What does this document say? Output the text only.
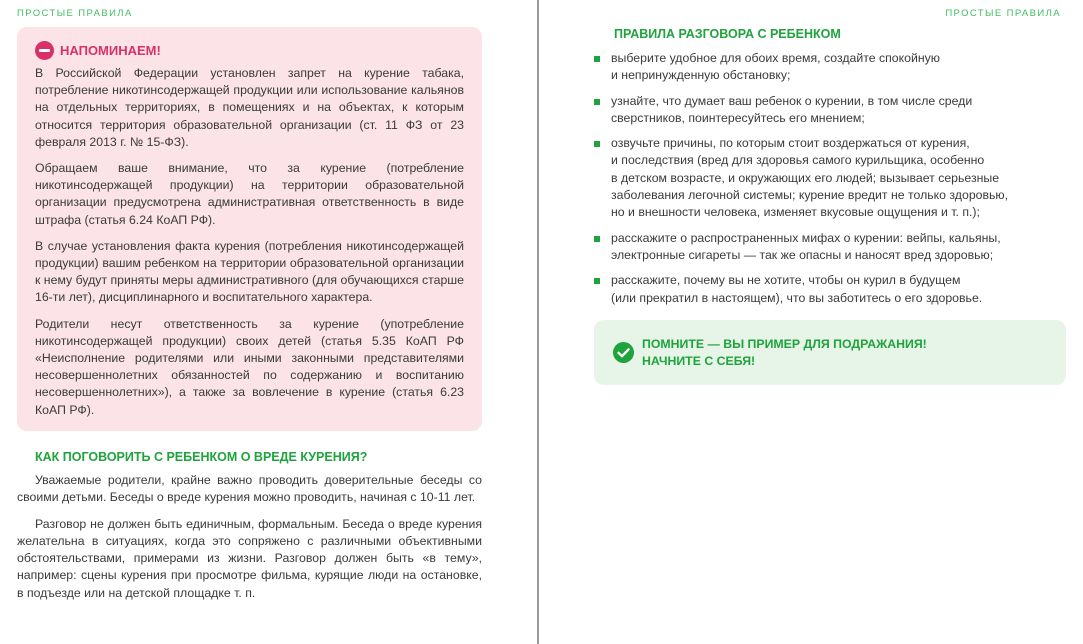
ПРОСТЫЕ ПРАВИЛА
НАПОМИНАЕМ!

В Российской Федерации установлен запрет на курение табака, потребление никотинсодержащей продукции или использование кальянов на отдельных территориях, в помещениях и на объектах, к которым относится территория образовательной организации (ст. 11 ФЗ от 23 февраля 2013 г. № 15-ФЗ).

Обращаем ваше внимание, что за курение (потребление никотинсодержащей продукции) на территории образовательной организации предусмотрена административная ответственность в виде штрафа (статья 6.24 КоАП РФ).

В случае установления факта курения (потребления никотинсодержащей продукции) вашим ребенком на территории образовательной организации к нему будут приняты меры административного (для обучающихся старше 16-ти лет), дисциплинарного и воспитательного характера.

Родители несут ответственность за курение (употребление никотинсодержащей продукции) своих детей (статья 5.35 КоАП РФ «Неисполнение родителями или иными законными представителями несовершеннолетних обязанностей по содержанию и воспитанию несовершеннолетних»), а также за вовлечение в курение (статья 6.23 КоАП РФ).

КАК ПОГОВОРИТЬ С РЕБЕНКОМ О ВРЕДЕ КУРЕНИЯ?

Уважаемые родители, крайне важно проводить доверительные беседы со своими детьми. Беседы о вреде курения можно проводить, начиная с 10-11 лет.

Разговор не должен быть единичным, формальным. Беседа о вреде курения желательна в ситуациях, когда это сопряжено с различными объективными обстоятельствами, примерами из жизни. Разговор должен быть «в тему», например: сцены курения при просмотре фильма, курящие люди на остановке, в подъезде или на детской площадке т. п.

ПРОСТЫЕ ПРАВИЛА
ПРАВИЛА РАЗГОВОРА С РЕБЕНКОМ
выберите удобное для обоих время, создайте спокойную
и непринужденную обстановку;
узнайте, что думает ваш ребенок о курении, в том числе среди
сверстников, поинтересуйтесь его мнением;
озвучьте причины, по которым стоит воздержаться от курения,
и последствия (вред для здоровья самого курильщика, особенно
в детском возрасте, и окружающих его людей; вызывает серьезные
заболевания легочной системы; курение вредит не только здоровью,
но и внешности человека, изменяет вкусовые ощущения и т. п.);
расскажите о распространенных мифах о курении: вейпы, кальяны,
электронные сигареты — так же опасны и наносят вред здоровью;
расскажите, почему вы не хотите, чтобы он курил в будущем
(или прекратил в настоящем), что вы заботитесь о его здоровье.
ПОМНИТЕ — ВЫ ПРИМЕР ДЛЯ ПОДРАЖАНИЯ!
НАЧНИТЕ С СЕБЯ!
